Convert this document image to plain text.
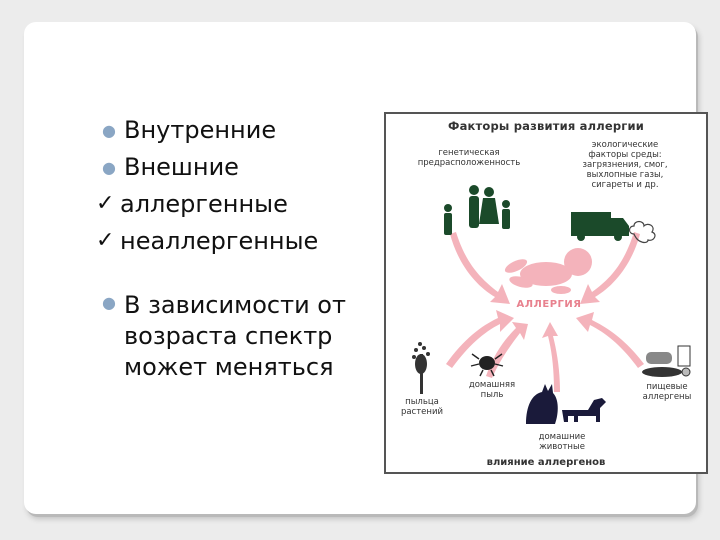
● Внутренние
● Внешние
✓ аллергенные
✓ неаллергенные
● В зависимости от
возраста спектр
может меняться
Факторы развития аллергии
генетическая
предрасположенность
экологические
факторы среды:
загрязнения, смог,
выхлопные газы,
сигареты и др.
АЛЛЕРГИЯ
пыльца
растений
домашняя
пыль
домашние
животные
пищевые
аллергены
влияние аллергенов
